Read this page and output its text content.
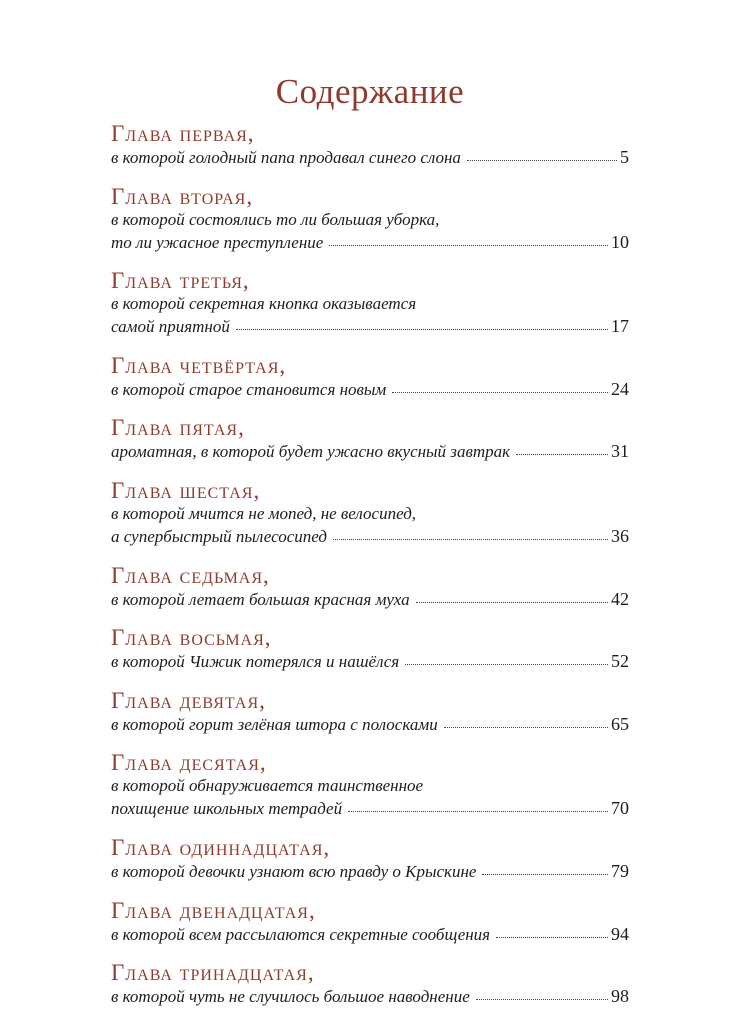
Содержание
Глава первая,
в которой голодный папа продавал синего слона	5
Глава вторая,
в которой состоялись то ли большая уборка,
то ли ужасное преступление	10
Глава третья,
в которой секретная кнопка оказывается
самой приятной	17
Глава четвёртая,
в которой старое становится новым	24
Глава пятая,
ароматная, в которой будет ужасно вкусный завтрак	31
Глава шестая,
в которой мчится не мопед, не велосипед,
а супербыстрый пылесосипед	36
Глава седьмая,
в которой летает большая красная муха	42
Глава восьмая,
в которой Чижик потерялся и нашёлся	52
Глава девятая,
в которой горит зелёная штора с полосками	65
Глава десятая,
в которой обнаруживается таинственное
похищение школьных тетрадей	70
Глава одиннадцатая,
в которой девочки узнают всю правду о Крыскине	79
Глава двенадцатая,
в которой всем рассылаются секретные сообщения	94
Глава тринадцатая,
в которой чуть не случилось большое наводнение	98
